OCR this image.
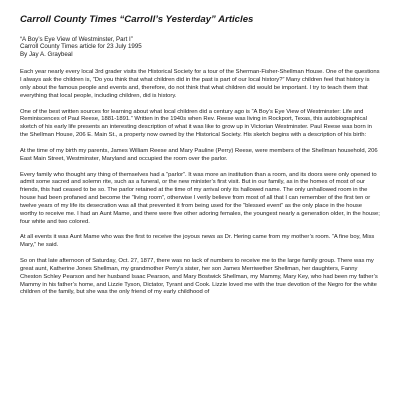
Carroll County Times “Carroll’s Yesterday” Articles
“A Boy’s Eye View of Westminster, Part I”
Carroll County Times article for 23 July 1995
By Jay A. Graybeal

Each year nearly every local 3rd grader visits the Historical Society for a tour of the Sherman-Fisher-Shellman House. One of the questions I always ask the children is, “Do you think that what children did in the past is part of our local history?” Many children feel that history is only about the famous people and events and, therefore, do not think that what children did would be important. I try to teach them that everything that local people, including children, did is history.

One of the best written sources for learning about what local children did a century ago is “A Boy’s Eye View of Westminster: Life and Reminiscences of Paul Reese, 1881-1891.” Written in the 1940s when Rev. Reese was living in Rockport, Texas, this autobiographical sketch of his early life presents an interesting description of what it was like to grow up in Victorian Westminster. Paul Reese was born in the Shellman House, 206 E. Main St., a property now owned by the Historical Society. His sketch begins with a description of his birth:

At the time of my birth my parents, James William Reese and Mary Pauline (Perry) Reese, were members of the Shellman household, 206 East Main Street, Westminster, Maryland and occupied the room over the parlor.

Every family who thought any thing of themselves had a “parlor”. It was more an institution than a room, and its doors were only opened to admit some sacred and solemn rite, such as a funeral, or the new minister’s first visit. But in our family, as in the homes of most of our friends, this had ceased to be so. The parlor retained at the time of my arrival only its hallowed name. The only unhallowed room in the house had been profaned and become the “living room”, otherwise I verily believe from most of all that I can remember of the first ten or twelve years of my life its desecration was all that prevented it from being used for the “blessed event” as the only place in the house worthy to receive me. I had an Aunt Mame, and there were five other adoring females, the youngest nearly a generation older, in the house; four white and two colored.

At all events it was Aunt Mame who was the first to receive the joyous news as Dr. Hering came from my mother’s room. “A fine boy, Miss Mary,” he said.

So on that late afternoon of Saturday, Oct. 27, 1877, there was no lack of numbers to receive me to the large family group. There was my great aunt, Katherine Jones Shellman, my grandmother Perry’s sister, her son James Merriwether Shellman, her daughters, Fanny Cheston Schley Pearson and her husband Isaac Pearson, and Mary Bostwick Shellman, my Mammy, Mary Key, who had been my father’s Mammy in his father’s home, and Lizzie Tyson, Dictator, Tyrant and Cook. Lizzie loved me with the true devotion of the Negro for the white children of the family, but she was the only friend of my early childhood of
